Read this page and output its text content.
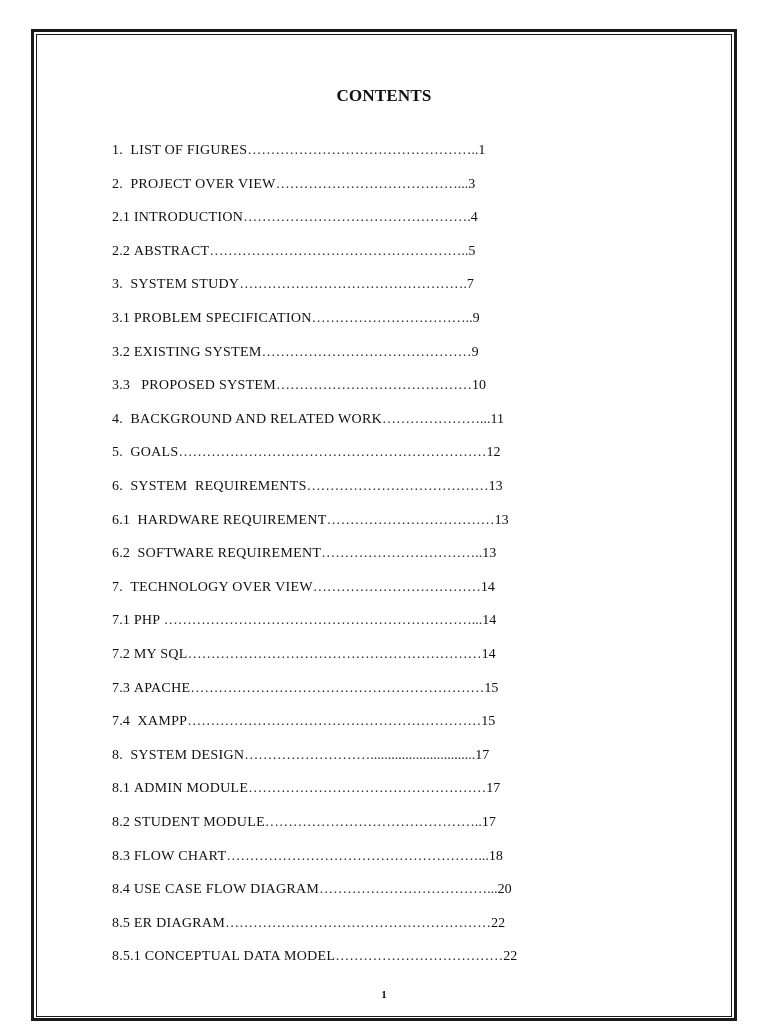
CONTENTS
1.  LIST OF FIGURES…………………………………………..1
2.  PROJECT OVER VIEW…………………………………...3
2.1 INTRODUCTION………………………………………….4
2.2 ABSTRACT………………………………………………..5
3.  SYSTEM STUDY………………………………………….7
3.1 PROBLEM SPECIFICATION……………………………..9
3.2 EXISTING SYSTEM………………………………………9
3.3   PROPOSED SYSTEM……………………………………10
4.  BACKGROUND AND RELATED WORK…………………...11
5.  GOALS…………………………………………………………12
6.  SYSTEM  REQUIREMENTS…………………………………13
6.1  HARDWARE REQUIREMENT………………………………13
6.2  SOFTWARE REQUIREMENT……………………………..13
7.  TECHNOLOGY OVER VIEW………………………………14
7.1 PHP …………………………………………………………...14
7.2 MY SQL………………………………………………………14
7.3 APACHE………………………………………………………15
7.4  XAMPP………………………………………………………15
8.  SYSTEM DESIGN………………………..............................17
8.1 ADMIN MODULE……………………………………………17
8.2 STUDENT MODULE………………………………………..17
8.3 FLOW CHART………………………………………………...18
8.4 USE CASE FLOW DIAGRAM………………………………...20
8.5 ER DIAGRAM…………………………………………………22
8.5.1 CONCEPTUAL DATA MODEL………………………………22
1
